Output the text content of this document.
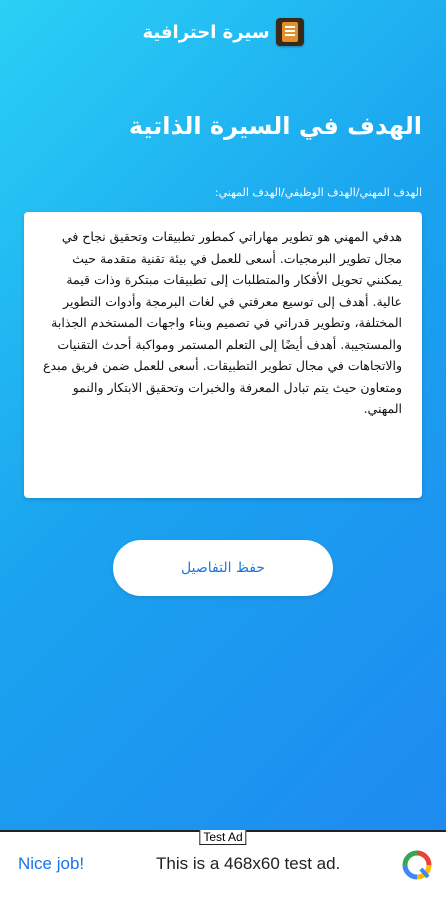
سيرة احترافية
الهدف في السيرة الذاتية
الهدف المهني/الهدف الوظيفي/الهدف المهني:
هدفي المهني هو تطوير مهاراتي كمطور تطبيقات وتحقيق نجاح في مجال تطوير البرمجيات. أسعى للعمل في بيئة تقنية متقدمة حيث يمكنني تحويل الأفكار والمتطلبات إلى تطبيقات مبتكرة وذات قيمة عالية. أهدف إلى توسيع معرفتي في لغات البرمجة وأدوات التطوير المختلفة، وتطوير قدراتي في تصميم وبناء واجهات المستخدم الجذابة والمستجيبة. أهدف أيضًا إلى التعلم المستمر ومواكبة أحدث التقنيات والاتجاهات في مجال تطوير التطبيقات. أسعى للعمل ضمن فريق مبدع ومتعاون حيث يتم تبادل المعرفة والخبرات وتحقيق الابتكار والنمو المهني.
حفظ التفاصيل
Test Ad
Nice job!	This is a 468x60 test ad.
